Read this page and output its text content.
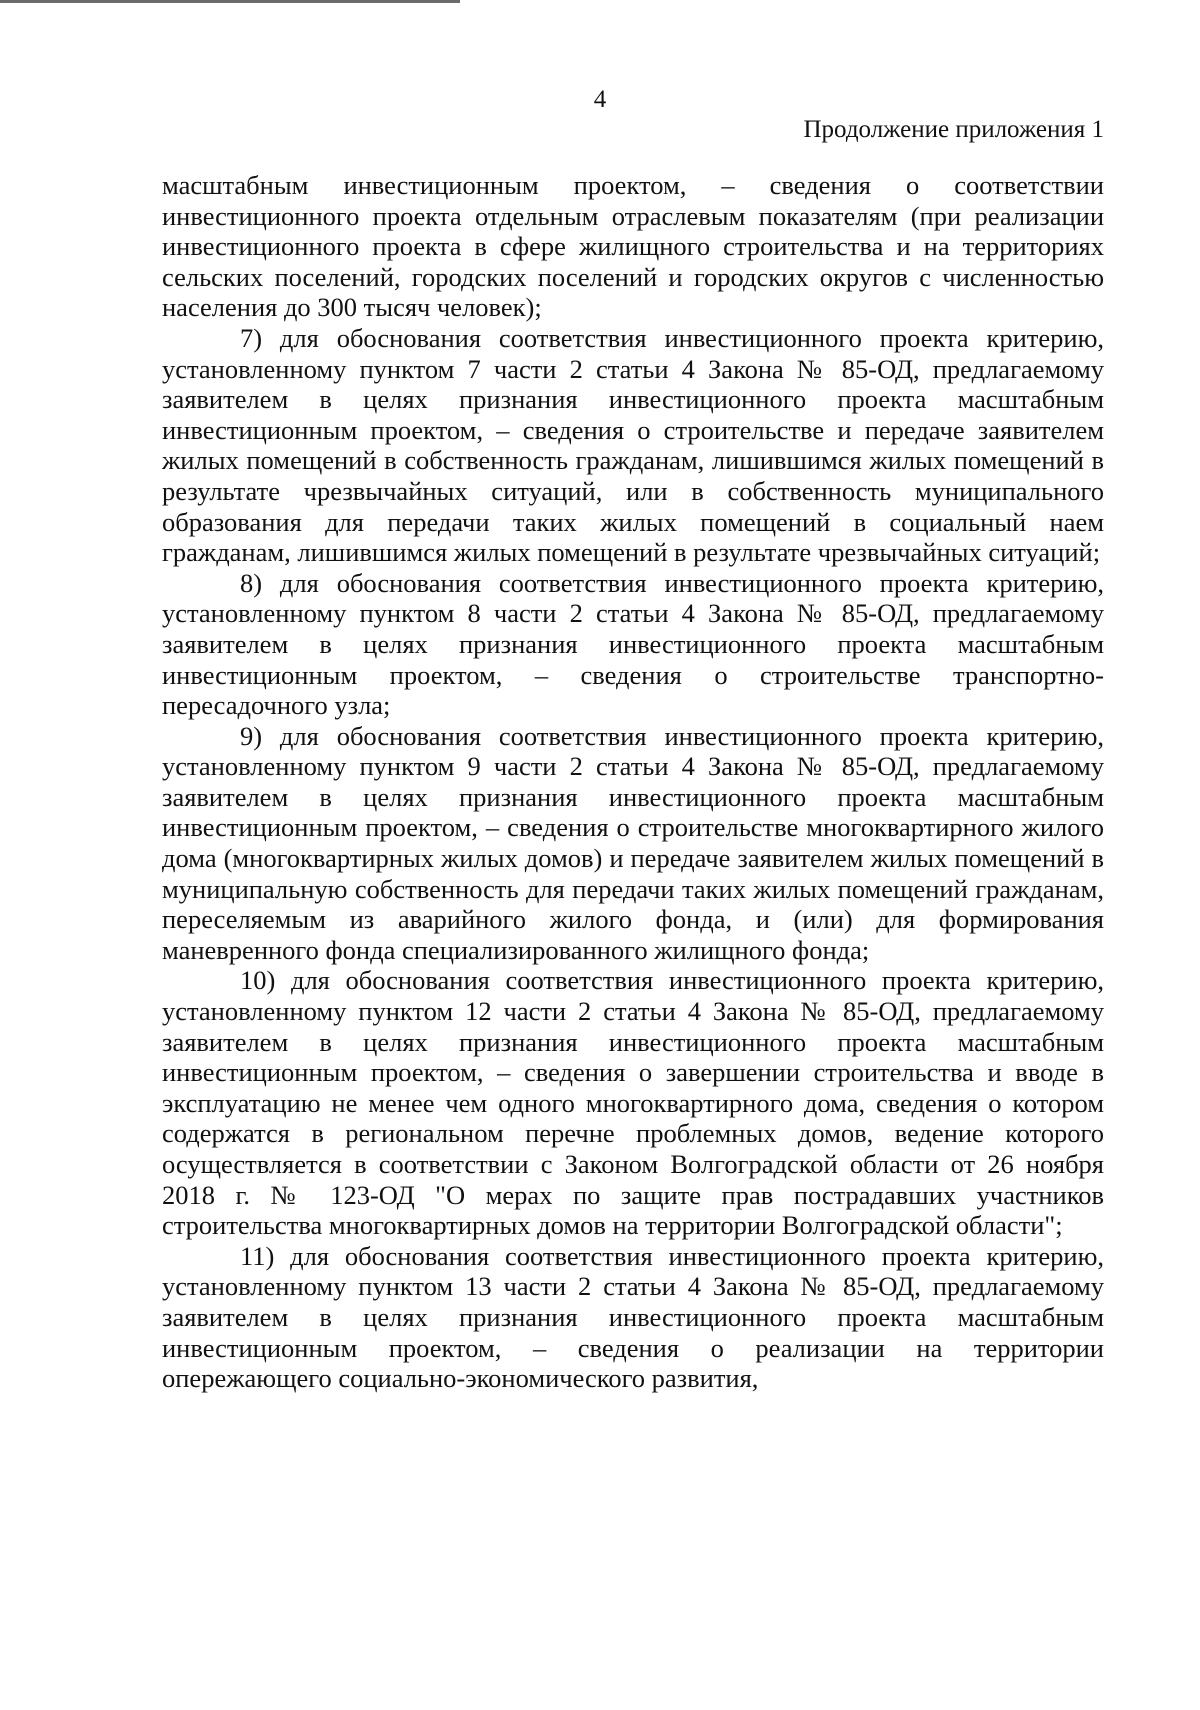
4
Продолжение приложения 1

масштабным инвестиционным проектом, – сведения о соответствии инвестиционного проекта отдельным отраслевым показателям (при реализации инвестиционного проекта в сфере жилищного строительства и на территориях сельских поселений, городских поселений и городских округов с численностью населения до 300 тысяч человек);

7) для обоснования соответствия инвестиционного проекта критерию, установленному пунктом 7 части 2 статьи 4 Закона № 85-ОД, предлагаемому заявителем в целях признания инвестиционного проекта масштабным инвестиционным проектом, – сведения о строительстве и передаче заявителем жилых помещений в собственность гражданам, лишившимся жилых помещений в результате чрезвычайных ситуаций, или в собственность муниципального образования для передачи таких жилых помещений в социальный наем гражданам, лишившимся жилых помещений в результате чрезвычайных ситуаций;

8) для обоснования соответствия инвестиционного проекта критерию, установленному пунктом 8 части 2 статьи 4 Закона № 85-ОД, предлагаемому заявителем в целях признания инвестиционного проекта масштабным инвестиционным проектом, – сведения о строительстве транспортно-пересадочного узла;

9) для обоснования соответствия инвестиционного проекта критерию, установленному пунктом 9 части 2 статьи 4 Закона № 85-ОД, предлагаемому заявителем в целях признания инвестиционного проекта масштабным инвестиционным проектом, – сведения о строительстве многоквартирного жилого дома (многоквартирных жилых домов) и передаче заявителем жилых помещений в муниципальную собственность для передачи таких жилых помещений гражданам, переселяемым из аварийного жилого фонда, и (или) для формирования маневренного фонда специализированного жилищного фонда;

10) для обоснования соответствия инвестиционного проекта критерию, установленному пунктом 12 части 2 статьи 4 Закона № 85-ОД, предлагаемому заявителем в целях признания инвестиционного проекта масштабным инвестиционным проектом, – сведения о завершении строительства и вводе в эксплуатацию не менее чем одного многоквартирного дома, сведения о котором содержатся в региональном перечне проблемных домов, ведение которого осуществляется в соответствии с Законом Волгоградской области от 26 ноября 2018 г. № 123-ОД "О мерах по защите прав пострадавших участников строительства многоквартирных домов на территории Волгоградской области";

11) для обоснования соответствия инвестиционного проекта критерию, установленному пунктом 13 части 2 статьи 4 Закона № 85-ОД, предлагаемому заявителем в целях признания инвестиционного проекта масштабным инвестиционным проектом, – сведения о реализации на территории опережающего социально-экономического развития,
